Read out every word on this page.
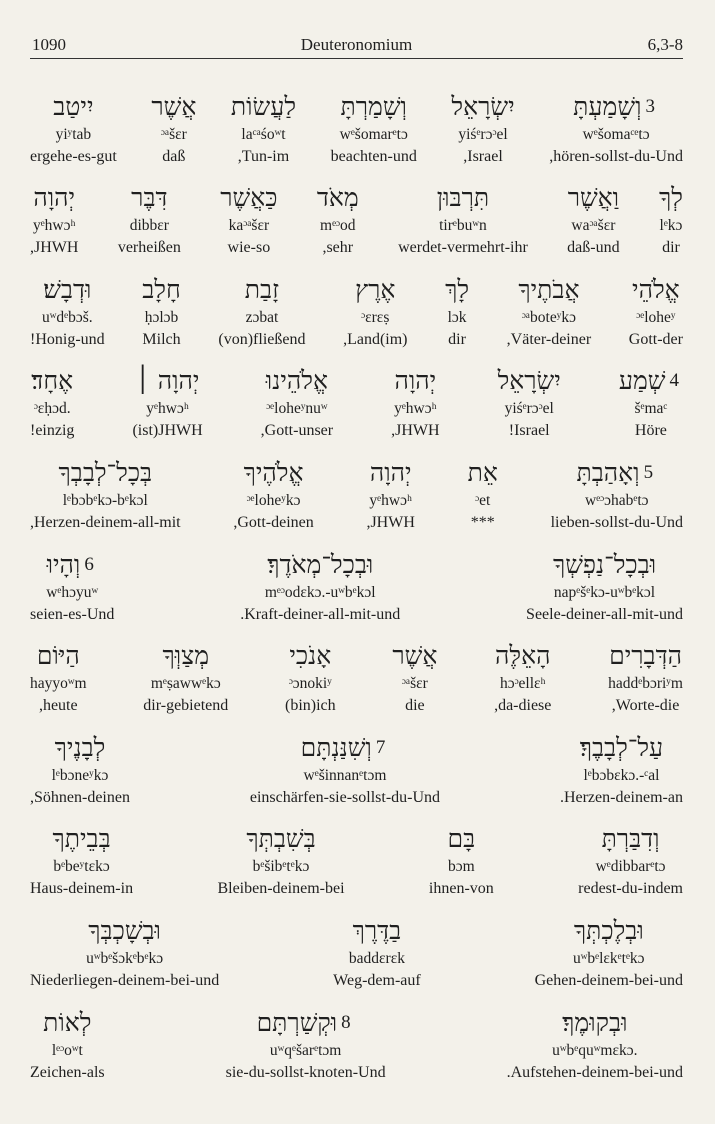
1090	Deuteronomium	6,3-8
3
וְשָׁמַעְתָּ
wᵉšomaᶜᵉtɔ
,hören-sollst-du-Und
יִשְׂרָאֵל
yiśᵉrɔᵓel
,Israel
וְשָׁמַרְתָּ
wᵉšomarᵉtɔ
beachten-und
לַעֲשׂוֹת
laᶜᵃśoʷt
,Tun-im
אֲשֶׁר
ᵓᵃšɛr
daß
יִיטַב
yiʸtab
ergehe-es-gut
לְךָ
lᵉkɔ
dir
וַאֲשֶׁר
waᵓᵃšɛr
daß-und
תִּרְבּוּן
tirᵉbuʷn
werdet-vermehrt-ihr
מְאֹד
mᵉᵓod
,sehr
כַּאֲשֶׁר
kaᵓᵃšɛr
wie-so
דִּבֶּר
dibbɛr
verheißen
יְהוָה
yᵉhwɔʰ
,JHWH
אֱלֹהֵי
ᵓᵉloheʸ
Gott-der
אֲבֹתֶיךָ
ᵓᵃboteʸkɔ
,Väter-deiner
לָךְ
lɔk
dir
אֶרֶץ
ᵓɛrɛṣ
,Land(im)
זָבַת
zɔbat
(von)fließend
חָלָב
ḥɔlɔb
Milch
וּדְבָשׁ׃
uʷdᵉbɔš.
!Honig-und
4
שְׁמַע
šᵉmaᶜ
Höre
יִשְׂרָאֵל
yiśᵉrɔᵓel
!Israel
יְהוָה
yᵉhwɔʰ
,JHWH
אֱלֹהֵינוּ
ᵓᵉloheʸnuʷ
,Gott-unser
יְהוָה ׀
yᵉhwɔʰ
(ist)JHWH
אֶחָד׃
ᵓɛḥɔd.
!einzig
5
וְאָהַבְתָּ
wᵉᵓɔhabᵉtɔ
lieben-sollst-du-Und
אֵת
ᵓet
***
יְהוָה
yᵉhwɔʰ
,JHWH
אֱלֹהֶיךָ
ᵓᵉloheʸkɔ
,Gott-deinen
בְּכָל־לְבָבְךָ
lᵉbɔbᵉkɔ-bᵉkɔl
,Herzen-deinem-all-mit
וּבְכָל־נַפְשְׁךָ
napᵉšᵉkɔ-uʷbᵉkɔl
Seele-deiner-all-mit-und
וּבְכָל־מְאֹדֶךָ׃
mᵉᵓodɛkɔ.-uʷbᵉkɔl
.Kraft-deiner-all-mit-und
6
וְהָיוּ
wᵉhɔyuʷ
seien-es-Und
הַדְּבָרִים
haddᵉbɔriʸm
,Worte-die
הָאֵלֶּה
hɔᵓellɛʰ
,da-diese
אֲשֶׁר
ᵓᵃšɛr
die
אָנֹכִי
ᵓɔnokiʸ
(bin)ich
מְצַוְּךָ
mᵉṣawwᵉkɔ
dir-gebietend
הַיּוֹם
hayyoʷm
,heute
עַל־לְבָבֶךָ׃
lᵉbɔbɛkɔ.-ᶜal
.Herzen-deinem-an
7
וְשִׁנַּנְתָּם
wᵉšinnanᵉtɔm
einschärfen-sie-sollst-du-Und
לְבָנֶיךָ
lᵉbɔneʸkɔ
,Söhnen-deinen
וְדִבַּרְתָּ
wᵉdibbarᵉtɔ
redest-du-indem
בָּם
bɔm
ihnen-von
בְּשִׁבְתְּךָ
bᵉšibᵉtᵉkɔ
Bleiben-deinem-bei
בְּבֵיתֶךָ
bᵉbeʸtɛkɔ
Haus-deinem-in
וּבְלֶכְתְּךָ
uʷbᵉlɛkᵉtᵉkɔ
Gehen-deinem-bei-und
בַדֶּרֶךְ
baddɛrɛk
Weg-dem-auf
וּבְשָׁכְבְּךָ
uʷbᵉšɔkᵉbᵉkɔ
Niederliegen-deinem-bei-und
וּבְקוּמֶךָ׃
uʷbᵉquʷmɛkɔ.
.Aufstehen-deinem-bei-und
8
וּקְשַׁרְתָּם
uʷqᵉšarᵉtɔm
sie-du-sollst-knoten-Und
לְאוֹת
lᵉᵓoʷt
Zeichen-als
